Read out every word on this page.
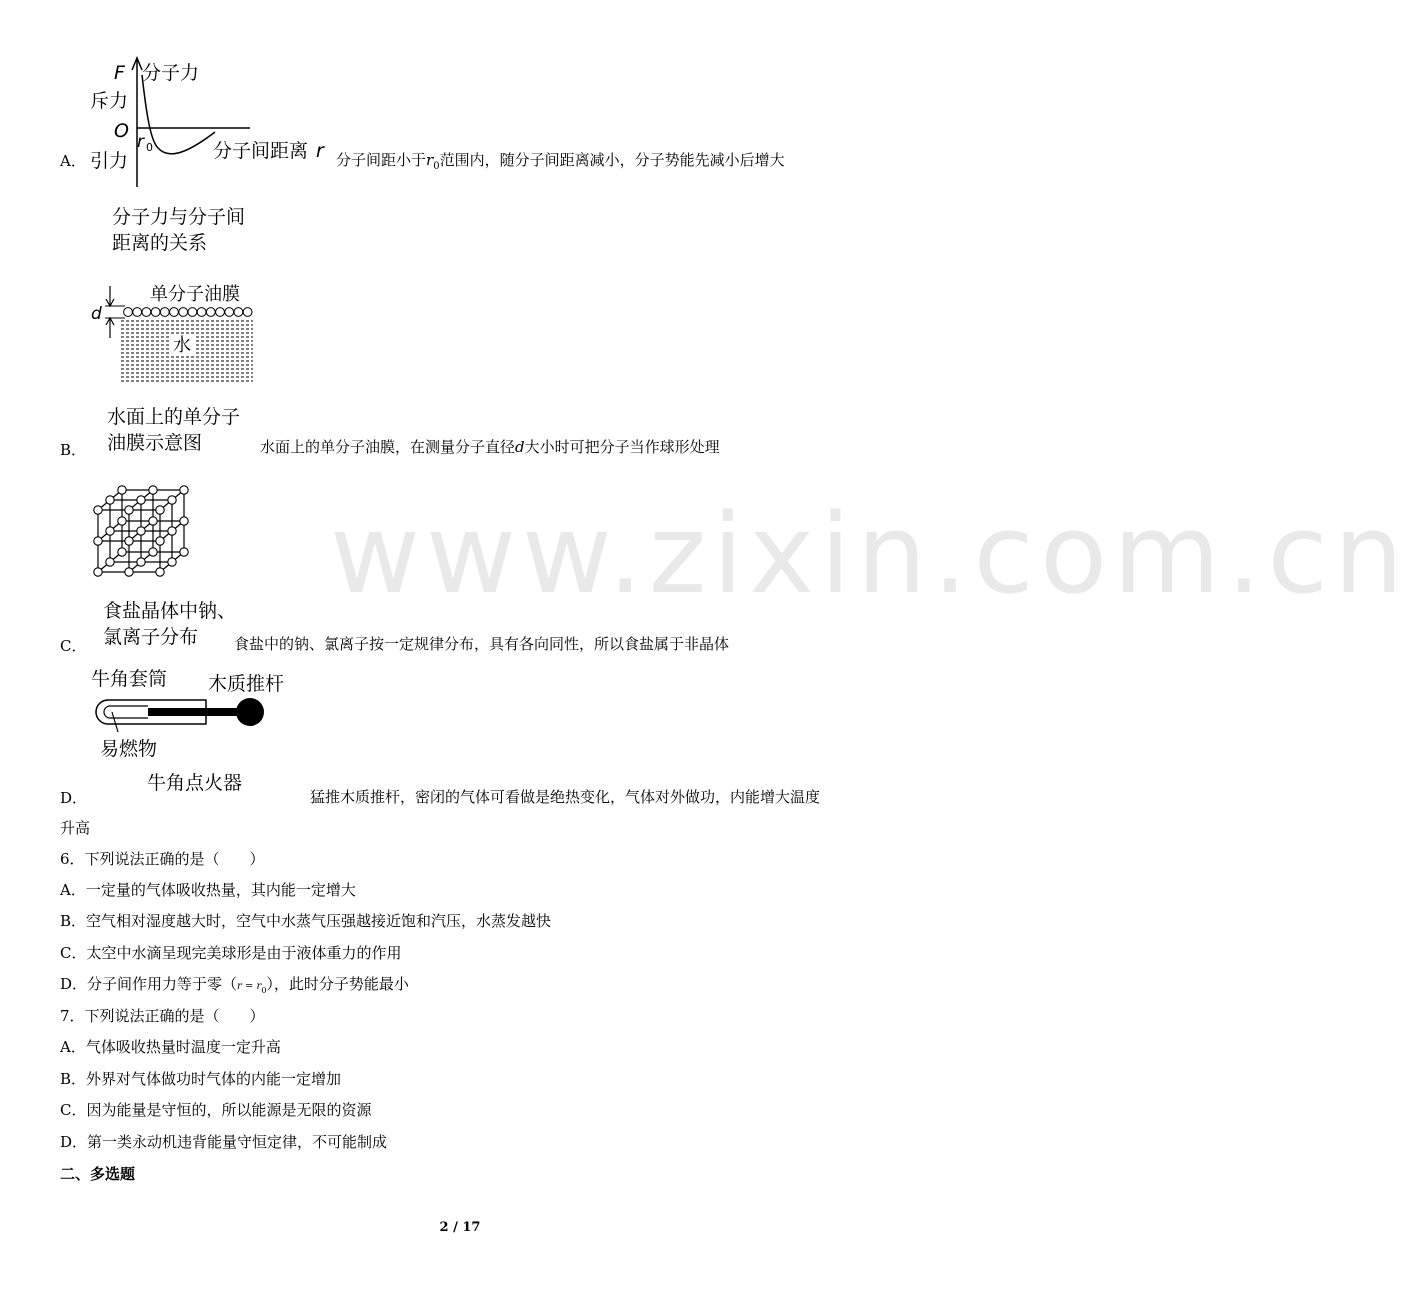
www.zixin.com.cn
F 分子力
斥力
O r 0	分子间距离 r
引力
A．	分子间距小于$r_0$范围内，随分子间距离减小，分子势能先减小后增大
分子力与分子间
距离的关系
单分子油膜
d
水
水面上的单分子
油膜示意图
B．	水面上的单分子油膜，在测量分子直径d大小时可把分子当作球形处理
食盐晶体中钠、
氯离子分布
C．	食盐中的钠、氯离子按一定规律分布，具有各向同性，所以食盐属于非晶体
牛角套筒 木质推杆
易燃物
牛角点火器
D．	猛推木质推杆，密闭的气体可看做是绝热变化，气体对外做功，内能增大温度
升高
6．下列说法正确的是（　　）
A．一定量的气体吸收热量，其内能一定增大
B．空气相对湿度越大时，空气中水蒸气压强越接近饱和汽压，水蒸发越快
C．太空中水滴呈现完美球形是由于液体重力的作用
D．分子间作用力等于零$(r = r_0)$，此时分子势能最小
7．下列说法正确的是（　　）
A．气体吸收热量时温度一定升高
B．外界对气体做功时气体的内能一定增加
C．因为能量是守恒的，所以能源是无限的资源
D．第一类永动机违背能量守恒定律，不可能制成
二、多选题
2 / 17
